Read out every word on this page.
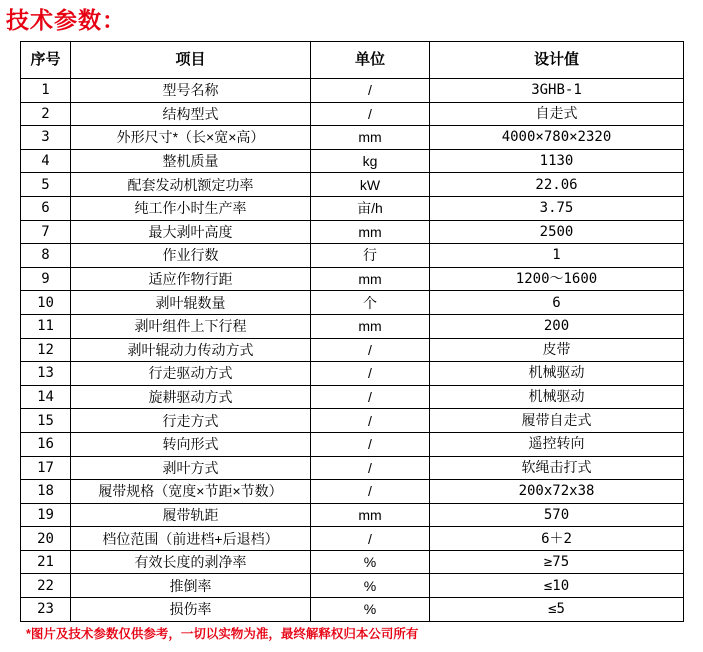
技术参数：
序号	项目	单位	设计值
1	型号名称	/	3GHB-1
2	结构型式	/	自走式
3	外形尺寸*（长×宽×高）	mm	4000×780×2320
4	整机质量	kg	1130
5	配套发动机额定功率	kW	22.06
6	纯工作小时生产率	亩/h	3.75
7	最大剥叶高度	mm	2500
8	作业行数	行	1
9	适应作物行距	mm	1200～1600
10	剥叶辊数量	个	6
11	剥叶组件上下行程	mm	200
12	剥叶辊动力传动方式	/	皮带
13	行走驱动方式	/	机械驱动
14	旋耕驱动方式	/	机械驱动
15	行走方式	/	履带自走式
16	转向形式	/	遥控转向
17	剥叶方式	/	软绳击打式
18	履带规格（宽度×节距×节数）	/	200x72x38
19	履带轨距	mm	570
20	档位范围（前进档+后退档）	/	6＋2
21	有效长度的剥净率	%	≥75
22	推倒率	%	≤10
23	损伤率	%	≤5
*图片及技术参数仅供参考，一切以实物为准，最终解释权归本公司所有
